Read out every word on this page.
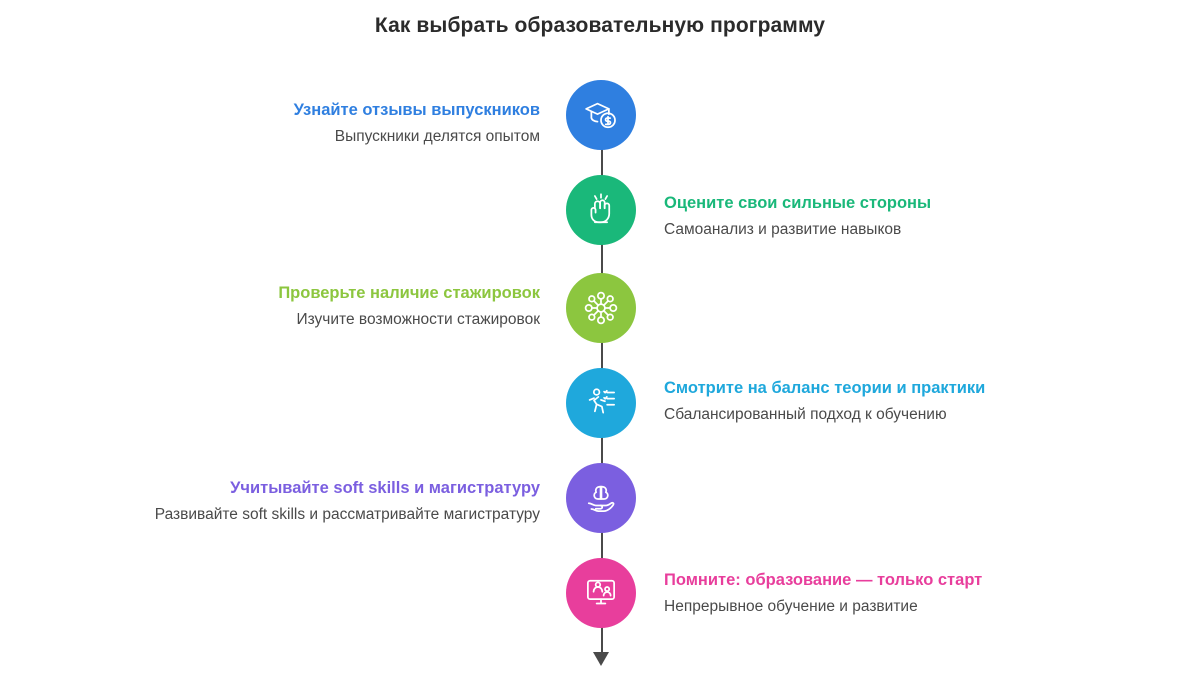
Как выбрать образовательную программу
Узнайте отзывы выпускников
Выпускники делятся опытом
Оцените свои сильные стороны
Самоанализ и развитие навыков
Проверьте наличие стажировок
Изучите возможности стажировок
Смотрите на баланс теории и практики
Сбалансированный подход к обучению
Учитывайте soft skills и магистратуру
Развивайте soft skills и рассматривайте магистратуру
Помните: образование — только старт
Непрерывное обучение и развитие
